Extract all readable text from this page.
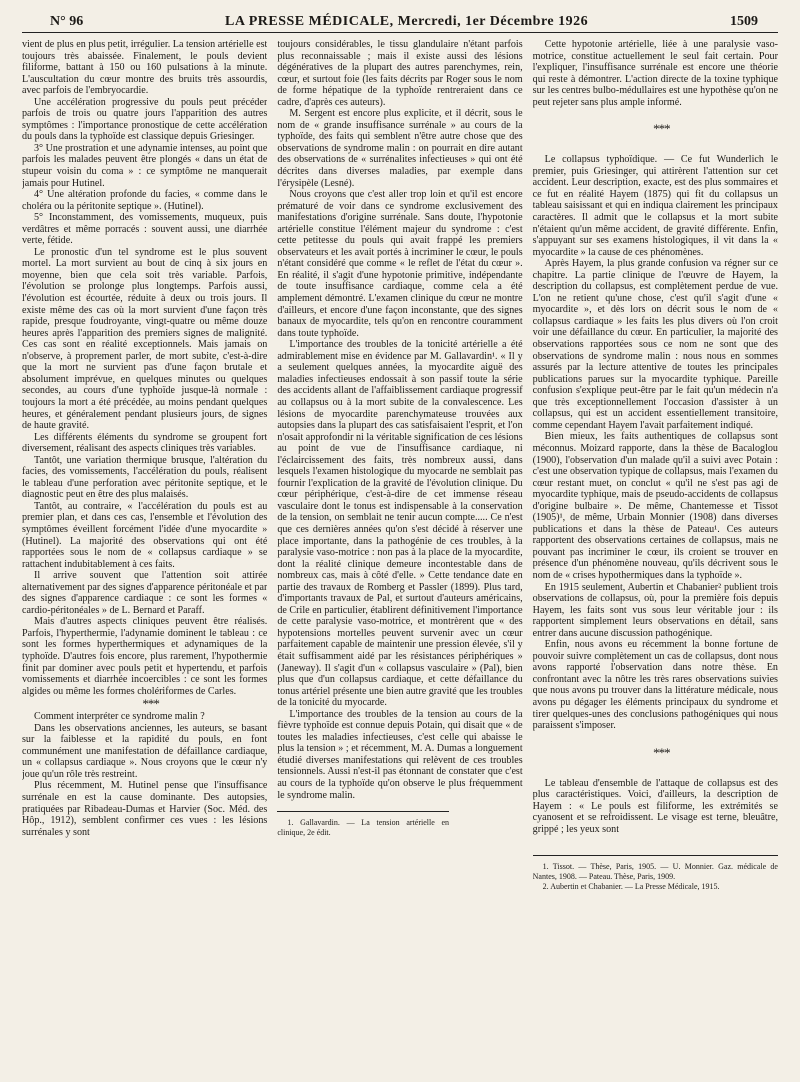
N° 96	LA PRESSE MÉDICALE, Mercredi, 1er Décembre 1926	1509

vient de plus en plus petit, irrégulier. La tension artérielle est toujours très abaissée. Finalement, le pouls devient filiforme, battant à 150 ou 160 pulsations à la minute. L'auscultation du cœur montre des bruits très assourdis, avec parfois de l'embryocardie.

Une accélération progressive du pouls peut précéder parfois de trois ou quatre jours l'apparition des autres symptômes : l'importance pronostique de cette accélération du pouls dans la typhoïde est classique depuis Griesinger.

3° Une prostration et une adynamie intenses, au point que parfois les malades peuvent être plongés « dans un état de stupeur voisin du coma » : ce symptôme ne manquerait jamais pour Hutinel.

4° Une altération profonde du facies, « comme dans le choléra ou la péritonite septique ». (Hutinel).

5° Inconstamment, des vomissements, muqueux, puis verdâtres et même porracés : souvent aussi, une diarrhée verte, fétide.

Le pronostic d'un tel syndrome est le plus souvent mortel. La mort survient au bout de cinq à six jours en moyenne, bien que cela soit très variable. Parfois, l'évolution se prolonge plus longtemps. Parfois aussi, l'évolution est écourtée, réduite à deux ou trois jours. Il existe même des cas où la mort survient d'une façon très rapide, presque foudroyante, vingt-quatre ou même douze heures après l'apparition des premiers signes de malignité. Ces cas sont en réalité exceptionnels. Mais jamais on n'observe, à proprement parler, de mort subite, c'est-à-dire que la mort ne survient pas d'une façon brutale et absolument imprévue, en quelques minutes ou quelques secondes, au cours d'une typhoïde jusque-là normale : toujours la mort a été précédée, au moins pendant quelques heures, et généralement pendant plusieurs jours, de signes de haute gravité.

Les différents éléments du syndrome se groupent fort diversement, réalisant des aspects cliniques très variables.

Tantôt, une variation thermique brusque, l'altération du facies, des vomissements, l'accélération du pouls, réalisent le tableau d'une perforation avec péritonite septique, et le diagnostic peut en être des plus malaisés.

Tantôt, au contraire, « l'accélération du pouls est au premier plan, et dans ces cas, l'ensemble et l'évolution des symptômes éveillent forcément l'idée d'une myocardite » (Hutinel). La majorité des observations qui ont été rapportées sous le nom de « collapsus cardiaque » se rattachent indubitablement à ces faits.

Il arrive souvent que l'attention soit attirée alternativement par des signes d'apparence péritonéale et par des signes d'apparence cardiaque : ce sont les formes « cardio-péritonéales » de L. Bernard et Paraff.

Mais d'autres aspects cliniques peuvent être réalisés. Parfois, l'hyperthermie, l'adynamie dominent le tableau : ce sont les formes hyperthermiques et adynamiques de la typhoïde. D'autres fois encore, plus rarement, l'hypothermie finit par dominer avec pouls petit et hypertendu, et parfois vomissements et diarrhée incoercibles : ce sont les formes algides ou même les formes cholériformes de Carles.

***

Comment interpréter ce syndrome malin ?

Dans les observations anciennes, les auteurs, se basant sur la faiblesse et la rapidité du pouls, en font communément une manifestation de défaillance cardiaque, un « collapsus cardiaque ». Nous croyons que le cœur n'y joue qu'un rôle très restreint.

Plus récemment, M. Hutinel pense que l'insuffisance surrénale en est la cause dominante. Des autopsies, pratiquées par Ribadeau-Dumas et Harvier (Soc. Méd. des Hôp., 1912), semblent confirmer ces vues : les lésions surrénales y sont

toujours considérables, le tissu glandulaire n'étant parfois plus reconnaissable ; mais il existe aussi des lésions dégénératives de la plupart des autres parenchymes, rein, cœur, et surtout foie (les faits décrits par Roger sous le nom de forme hépatique de la typhoïde rentreraient dans ce cadre, d'après ces auteurs).

M. Sergent est encore plus explicite, et il décrit, sous le nom de « grande insuffisance surrénale » au cours de la typhoïde, des faits qui semblent n'être autre chose que des observations de syndrome malin : on pourrait en dire autant des observations de « surrénalites infectieuses » qui ont été décrites dans diverses maladies, par exemple dans l'érysipèle (Lesné).

Nous croyons que c'est aller trop loin et qu'il est encore prématuré de voir dans ce syndrome exclusivement des manifestations d'origine surrénale. Sans doute, l'hypotonie artérielle constitue l'élément majeur du syndrome : c'est cette petitesse du pouls qui avait frappé les premiers observateurs et les avait portés à incriminer le cœur, le pouls n'étant considéré que comme « le reflet de l'état du cœur ». En réalité, il s'agit d'une hypotonie primitive, indépendante de toute insuffisance cardiaque, comme cela a été amplement démontré. L'examen clinique du cœur ne montre d'ailleurs, et encore d'une façon inconstante, que des signes banaux de myocardite, tels qu'on en rencontre couramment dans toute typhoïde.

L'importance des troubles de la tonicité artérielle a été admirablement mise en évidence par M. Gallavardin¹. « Il y a seulement quelques années, la myocardite aiguë des maladies infectieuses endossait à son passif toute la série des accidents allant de l'affaiblissement cardiaque progressif au collapsus ou à la mort subite de la convalescence. Les lésions de myocardite parenchymateuse trouvées aux autopsies dans la plupart des cas satisfaisaient l'esprit, et l'on n'osait approfondir ni la véritable signification de ces lésions au point de vue de l'insuffisance cardiaque, ni l'éclaircissement des faits, très nombreux aussi, dans lesquels l'examen histologique du myocarde ne semblait pas fournir l'explication de la gravité de l'évolution clinique. Du cœur périphérique, c'est-à-dire de cet immense réseau vasculaire dont le tonus est indispensable à la conservation de la tension, on semblait ne tenir aucun compte..... Ce n'est que ces dernières années qu'on s'est décidé à réserver une place importante, dans la pathogénie de ces troubles, à la paralysie vaso-motrice : non pas à la place de la myocardite, dont la réalité clinique demeure incontestable dans de nombreux cas, mais à côté d'elle. » Cette tendance date en partie des travaux de Romberg et Passler (1899). Plus tard, d'importants travaux de Pal, et surtout d'auteurs américains, de Crile en particulier, établirent définitivement l'importance de cette paralysie vaso-motrice, et montrèrent que « des hypotensions mortelles peuvent survenir avec un cœur parfaitement capable de maintenir une pression élevée, s'il y était suffisamment aidé par les résistances périphériques » (Janeway). Il s'agit d'un « collapsus vasculaire » (Pal), bien plus que d'un collapsus cardiaque, et cette défaillance du tonus artériel présente une bien autre gravité que les troubles de la tonicité du myocarde.

L'importance des troubles de la tension au cours de la fièvre typhoïde est connue depuis Potain, qui disait que « de toutes les maladies infectieuses, c'est celle qui abaisse le plus la tension » ; et récemment, M. A. Dumas a longuement étudié diverses manifestations qui relèvent de ces troubles tensionnels. Aussi n'est-il pas étonnant de constater que c'est au cours de la typhoïde qu'on observe le plus fréquemment le syndrome malin.

1. Gallavardin. — La tension artérielle en clinique, 2e édit.

Cette hypotonie artérielle, liée à une paralysie vaso-motrice, constitue actuellement le seul fait certain. Pour l'expliquer, l'insuffisance surrénale est encore une théorie qui reste à démontrer. L'action directe de la toxine typhique sur les centres bulbo-médullaires est une hypothèse qu'on ne peut rejeter sans plus ample informé.

***

Le collapsus typhoïdique. — Ce fut Wunderlich le premier, puis Griesinger, qui attirèrent l'attention sur cet accident. Leur description, exacte, est des plus sommaires et ce fut en réalité Hayem (1875) qui fit du collapsus un tableau saisissant et qui en indiqua clairement les principaux caractères. Il admit que le collapsus et la mort subite n'étaient qu'un même accident, de gravité différente. Enfin, s'appuyant sur ses examens histologiques, il vit dans la « myocardite » la cause de ces phénomènes.

Après Hayem, la plus grande confusion va régner sur ce chapitre. La partie clinique de l'œuvre de Hayem, la description du collapsus, est complètement perdue de vue. L'on ne retient qu'une chose, c'est qu'il s'agit d'une « myocardite », et dès lors on décrit sous le nom de « collapsus cardiaque » les faits les plus divers où l'on croit voir une défaillance du cœur. En particulier, la majorité des observations rapportées sous ce nom ne sont que des observations de syndrome malin : nous nous en sommes assurés par la lecture attentive de toutes les principales publications parues sur la myocardite typhique. Pareille confusion s'explique peut-être par le fait qu'un médecin n'a que très exceptionnellement l'occasion d'assister à un collapsus, qui est un accident essentiellement transitoire, comme cependant Hayem l'avait parfaitement indiqué.

Bien mieux, les faits authentiques de collapsus sont méconnus. Moizard rapporte, dans la thèse de Bacaloglou (1900), l'observation d'un malade qu'il a suivi avec Potain : c'est une observation typique de collapsus, mais l'examen du cœur restant muet, on conclut « qu'il ne s'est pas agi de myocardite typhique, mais de pseudo-accidents de collapsus d'origine bulbaire ». De même, Chantemesse et Tissot (1905)¹, de même, Urbain Monnier (1908) dans diverses publications et dans la thèse de Pateau¹. Ces auteurs rapportent des observations certaines de collapsus, mais ne pouvant pas incriminer le cœur, ils croient se trouver en présence d'un phénomène nouveau, qu'ils décrivent sous le nom de « crises hypothermiques dans la typhoïde ».

En 1915 seulement, Aubertin et Chabanier² publient trois observations de collapsus, où, pour la première fois depuis Hayem, les faits sont vus sous leur véritable jour : ils rapportent simplement leurs observations en détail, sans entrer dans aucune discussion pathogénique.

Enfin, nous avons eu récemment la bonne fortune de pouvoir suivre complètement un cas de collapsus, dont nous avons rapporté l'observation dans notre thèse. En confrontant avec la nôtre les très rares observations suivies que nous avons pu trouver dans la littérature médicale, nous avons pu dégager les éléments principaux du syndrome et tirer quelques-unes des conclusions pathogéniques qui nous paraissent s'imposer.

***

Le tableau d'ensemble de l'attaque de collapsus est des plus caractéristiques. Voici, d'ailleurs, la description de Hayem : « Le pouls est filiforme, les extrémités se cyanosent et se refroidissent. Le visage est terne, bleuâtre, grippé ; les yeux sont

1. Tissot. — Thèse, Paris, 1905. — U. Monnier. Gaz. médicale de Nantes, 1908. — Pateau. Thèse, Paris, 1909.

2. Aubertin et Chabanier. — La Presse Médicale, 1915.
